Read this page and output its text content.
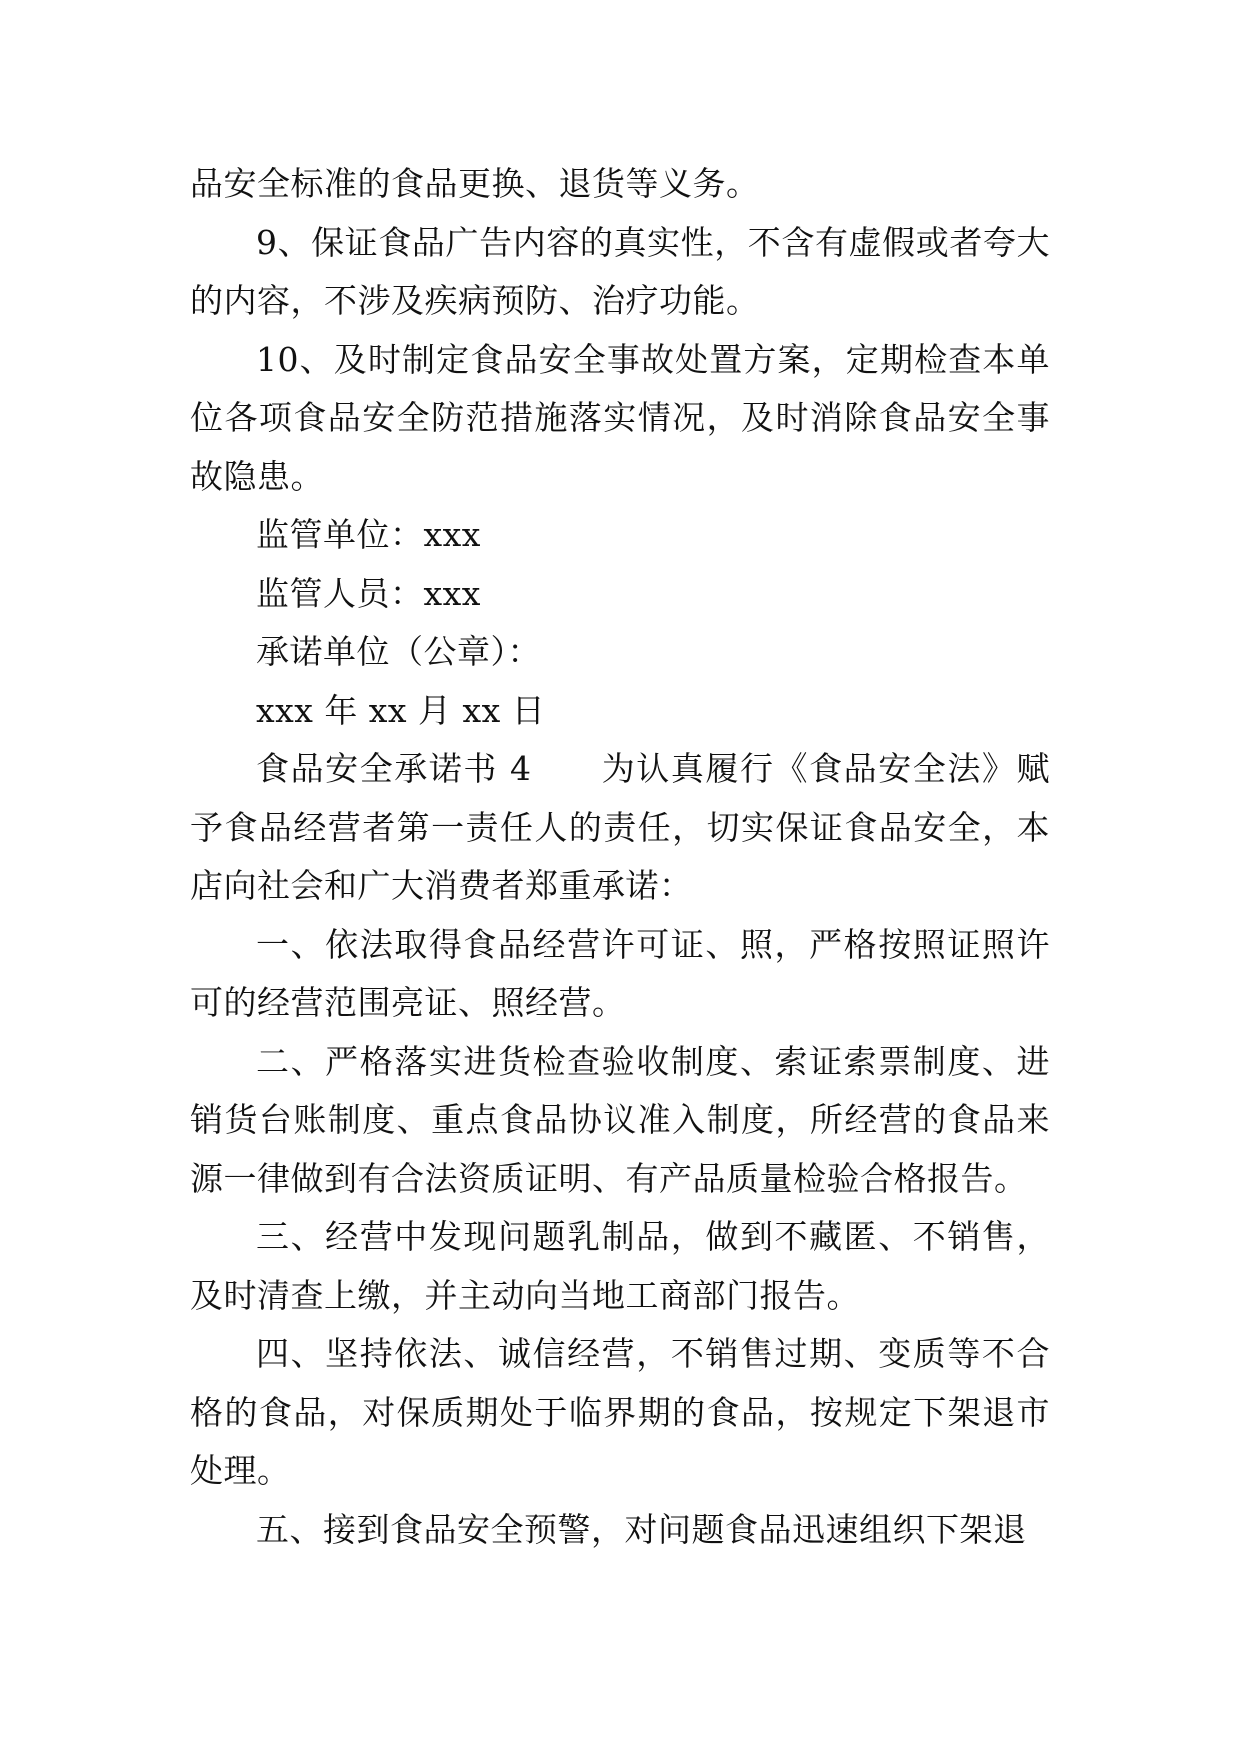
品安全标准的食品更换、退货等义务。

9、保证食品广告内容的真实性，不含有虚假或者夸大的内容，不涉及疾病预防、治疗功能。

10、及时制定食品安全事故处置方案，定期检查本单位各项食品安全防范措施落实情况，及时消除食品安全事故隐患。

监管单位：xxx

监管人员：xxx

承诺单位（公章）：

xxx 年 xx 月 xx 日

食品安全承诺书 4　　为认真履行《食品安全法》赋予食品经营者第一责任人的责任，切实保证食品安全，本店向社会和广大消费者郑重承诺：

一、依法取得食品经营许可证、照，严格按照证照许可的经营范围亮证、照经营。

二、严格落实进货检查验收制度、索证索票制度、进销货台账制度、重点食品协议准入制度，所经营的食品来源一律做到有合法资质证明、有产品质量检验合格报告。

三、经营中发现问题乳制品，做到不藏匿、不销售，及时清查上缴，并主动向当地工商部门报告。

四、坚持依法、诚信经营，不销售过期、变质等不合格的食品，对保质期处于临界期的食品，按规定下架退市处理。

五、接到食品安全预警，对问题食品迅速组织下架退
